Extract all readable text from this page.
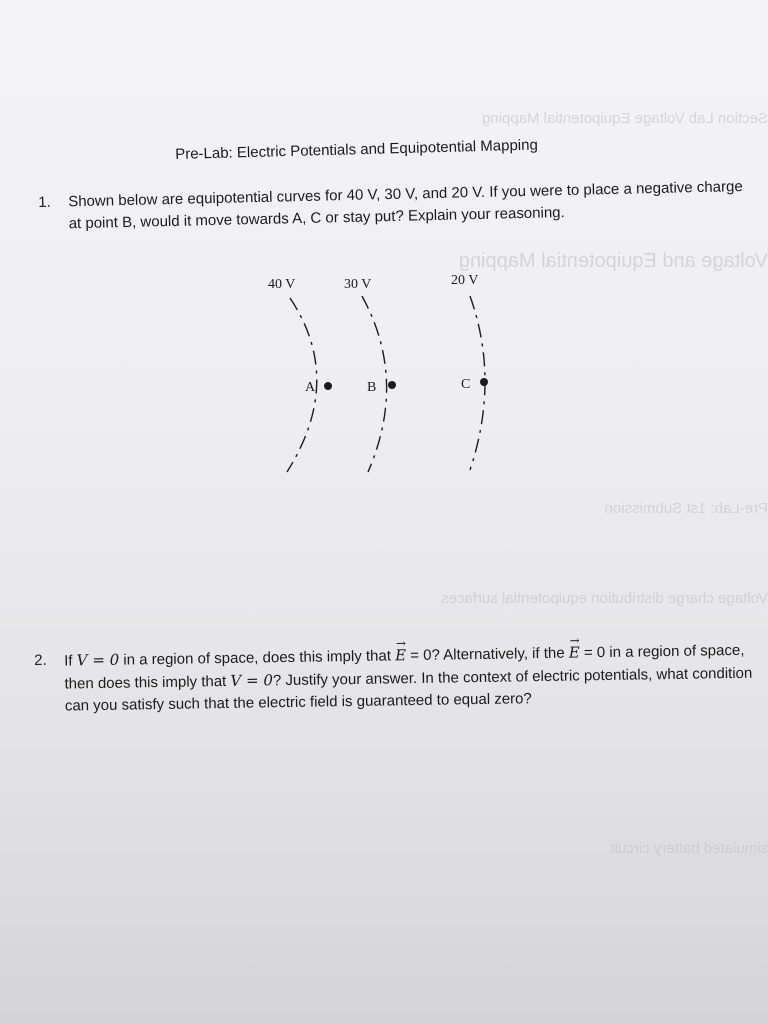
Section Lab Voltage Equipotential Mapping
Voltage and Equipotential Mapping
Pre-Lab: 1st Submission
Voltage charge distribution equipotential surfaces
simulated battery circuit
Pre-Lab: Electric Potentials and Equipotential Mapping
1. Shown below are equipotential curves for 40 V, 30 V, and 20 V. If you were to place a negative charge at point B, would it move towards A, C or stay put? Explain your reasoning.
40 V	30 V	20 V
A	B	C
2. If V = 0 in a region of space, does this imply that → E = 0? Alternatively, if the → E = 0 in a region of space, then does this imply that V = 0? Justify your answer. In the context of electric potentials, what condition can you satisfy such that the electric field is guaranteed to equal zero?
